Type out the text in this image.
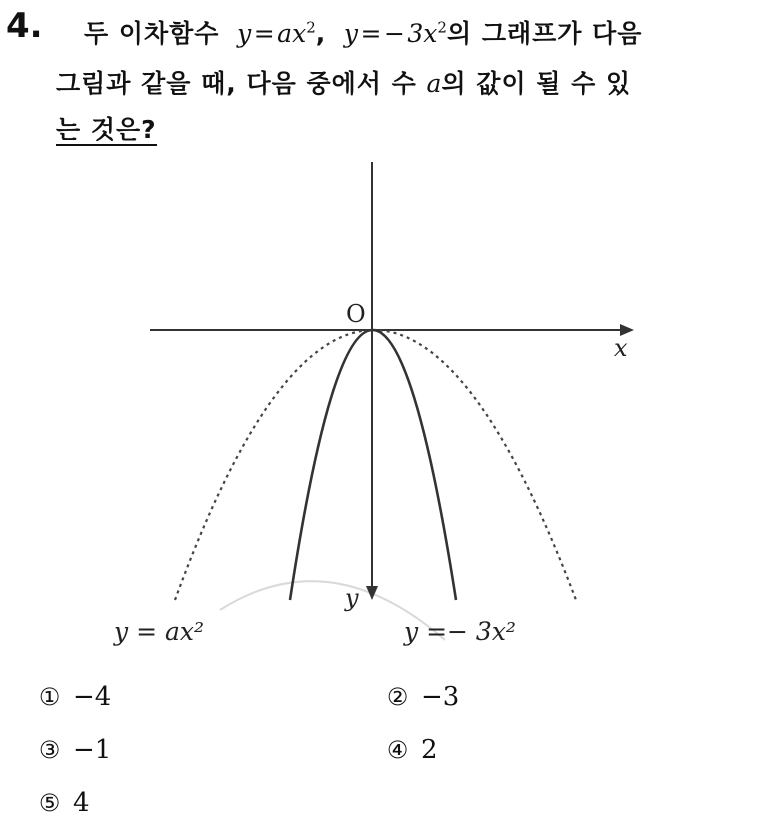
4. 두 이차함수  y = $ax^2$,  y = − $3x^2$의 그래프가 다음
그림과 같을 때, 다음 중에서 수 a의 값이 될 수 있
는 것은?
O
x
y
y = ax²	y =− 3x²
① −4	② −3
③ −1	④ 2
⑤ 4
